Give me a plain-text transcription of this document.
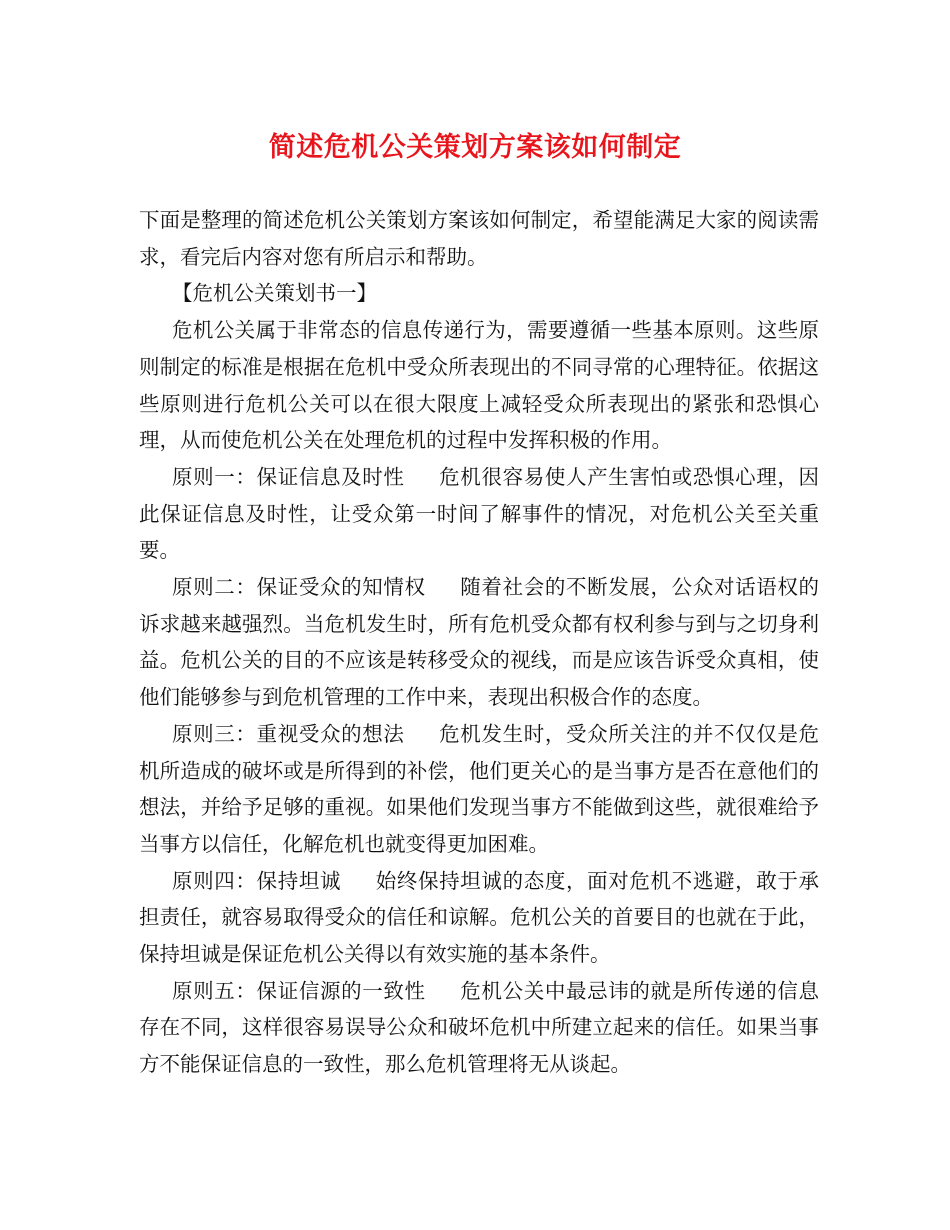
简述危机公关策划方案该如何制定

下面是整理的简述危机公关策划方案该如何制定，希望能满足大家的阅读需求，看完后内容对您有所启示和帮助。

【危机公关策划书一】

危机公关属于非常态的信息传递行为，需要遵循一些基本原则。这些原则制定的标准是根据在危机中受众所表现出的不同寻常的心理特征。依据这些原则进行危机公关可以在很大限度上减轻受众所表现出的紧张和恐惧心理，从而使危机公关在处理危机的过程中发挥积极的作用。

原则一：保证信息及时性 危机很容易使人产生害怕或恐惧心理，因此保证信息及时性，让受众第一时间了解事件的情况，对危机公关至关重要。

原则二：保证受众的知情权 随着社会的不断发展，公众对话语权的诉求越来越强烈。当危机发生时，所有危机受众都有权利参与到与之切身利益。危机公关的目的不应该是转移受众的视线，而是应该告诉受众真相，使他们能够参与到危机管理的工作中来，表现出积极合作的态度。

原则三：重视受众的想法 危机发生时，受众所关注的并不仅仅是危机所造成的破坏或是所得到的补偿，他们更关心的是当事方是否在意他们的想法，并给予足够的重视。如果他们发现当事方不能做到这些，就很难给予当事方以信任，化解危机也就变得更加困难。

原则四：保持坦诚 始终保持坦诚的态度，面对危机不逃避，敢于承担责任，就容易取得受众的信任和谅解。危机公关的首要目的也就在于此，保持坦诚是保证危机公关得以有效实施的基本条件。

原则五：保证信源的一致性 危机公关中最忌讳的就是所传递的信息存在不同，这样很容易误导公众和破坏危机中所建立起来的信任。如果当事方不能保证信息的一致性，那么危机管理将无从谈起。
